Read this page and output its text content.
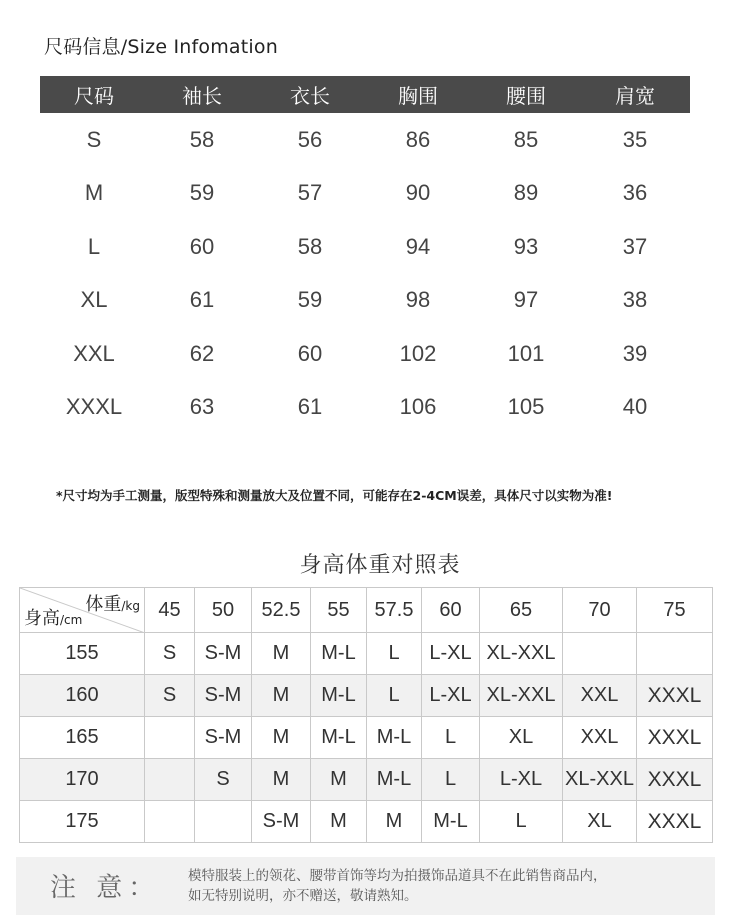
尺码信息/Size Infomation
尺码	袖长	衣长	胸围	腰围	肩宽
S	58	56	86	85	35
M	59	57	90	89	36
L	60	58	94	93	37
XL	61	59	98	97	38
XXL	62	60	102	101	39
XXXL	63	61	106	105	40
*尺寸均为手工测量，版型特殊和测量放大及位置不同，可能存在2-4CM误差，具体尺寸以实物为准!
身高体重对照表
体重/kg
身高/cm	45	50	52.5	55	57.5	60	65	70	75
155	S	S-M	M	M-L	L	L-XL	XL-XXL		
160	S	S-M	M	M-L	L	L-XL	XL-XXL	XXL	XXXL
165		S-M	M	M-L	M-L	L	XL	XXL	XXXL
170		S	M	M	M-L	L	L-XL	XL-XXL	XXXL
175			S-M	M	M	M-L	L	XL	XXXL
注 意： 模特服装上的领花、腰带首饰等均为拍摄饰品道具不在此销售商品内，
如无特别说明，亦不赠送，敬请熟知。
